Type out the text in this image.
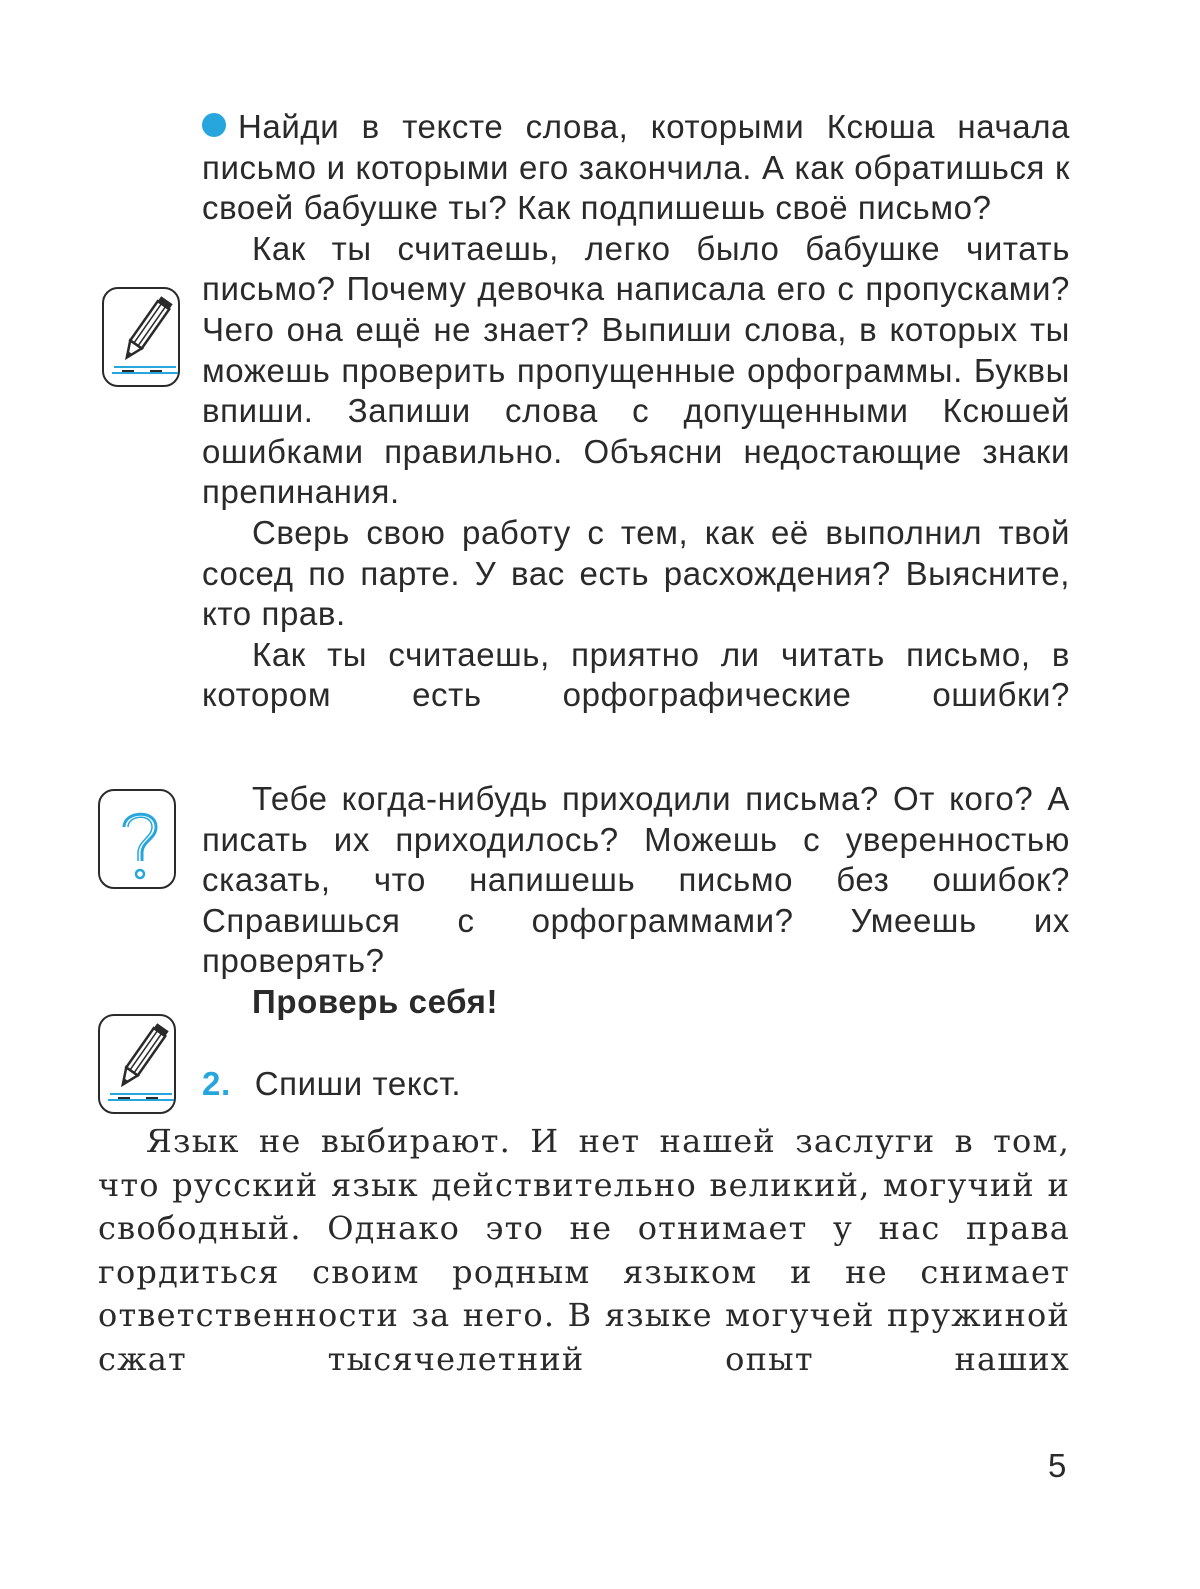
Найди в тексте слова, которыми Ксюша начала письмо и которыми его закончила. А как обратишься к своей бабушке ты? Как подпишешь своё письмо?

Как ты считаешь, легко было бабушке читать письмо? Почему девочка написала его с пропусками? Чего она ещё не знает? Выпиши слова, в которых ты можешь проверить пропущенные орфограммы. Буквы впиши. Запиши слова с допущенными Ксюшей ошибками правильно. Объясни недостающие знаки препинания.

Сверь свою работу с тем, как её выполнил твой сосед по парте. У вас есть расхождения? Выясните, кто прав.

Как ты считаешь, приятно ли читать письмо, в котором есть орфографические ошибки?

Тебе когда-нибудь приходили письма? От кого? А писать их приходилось? Можешь с уверенностью сказать, что напишешь письмо без ошибок? Справишься с орфограммами? Умеешь их проверять?

Проверь себя!
2. Спиши текст.

Язык не выбирают. И нет нашей заслуги в том, что русский язык действительно великий, могучий и свободный. Однако это не отнимает у нас права гордиться своим родным языком и не снимает ответственности за него. В языке могучей пружиной сжат тысячелетний опыт наших

5
